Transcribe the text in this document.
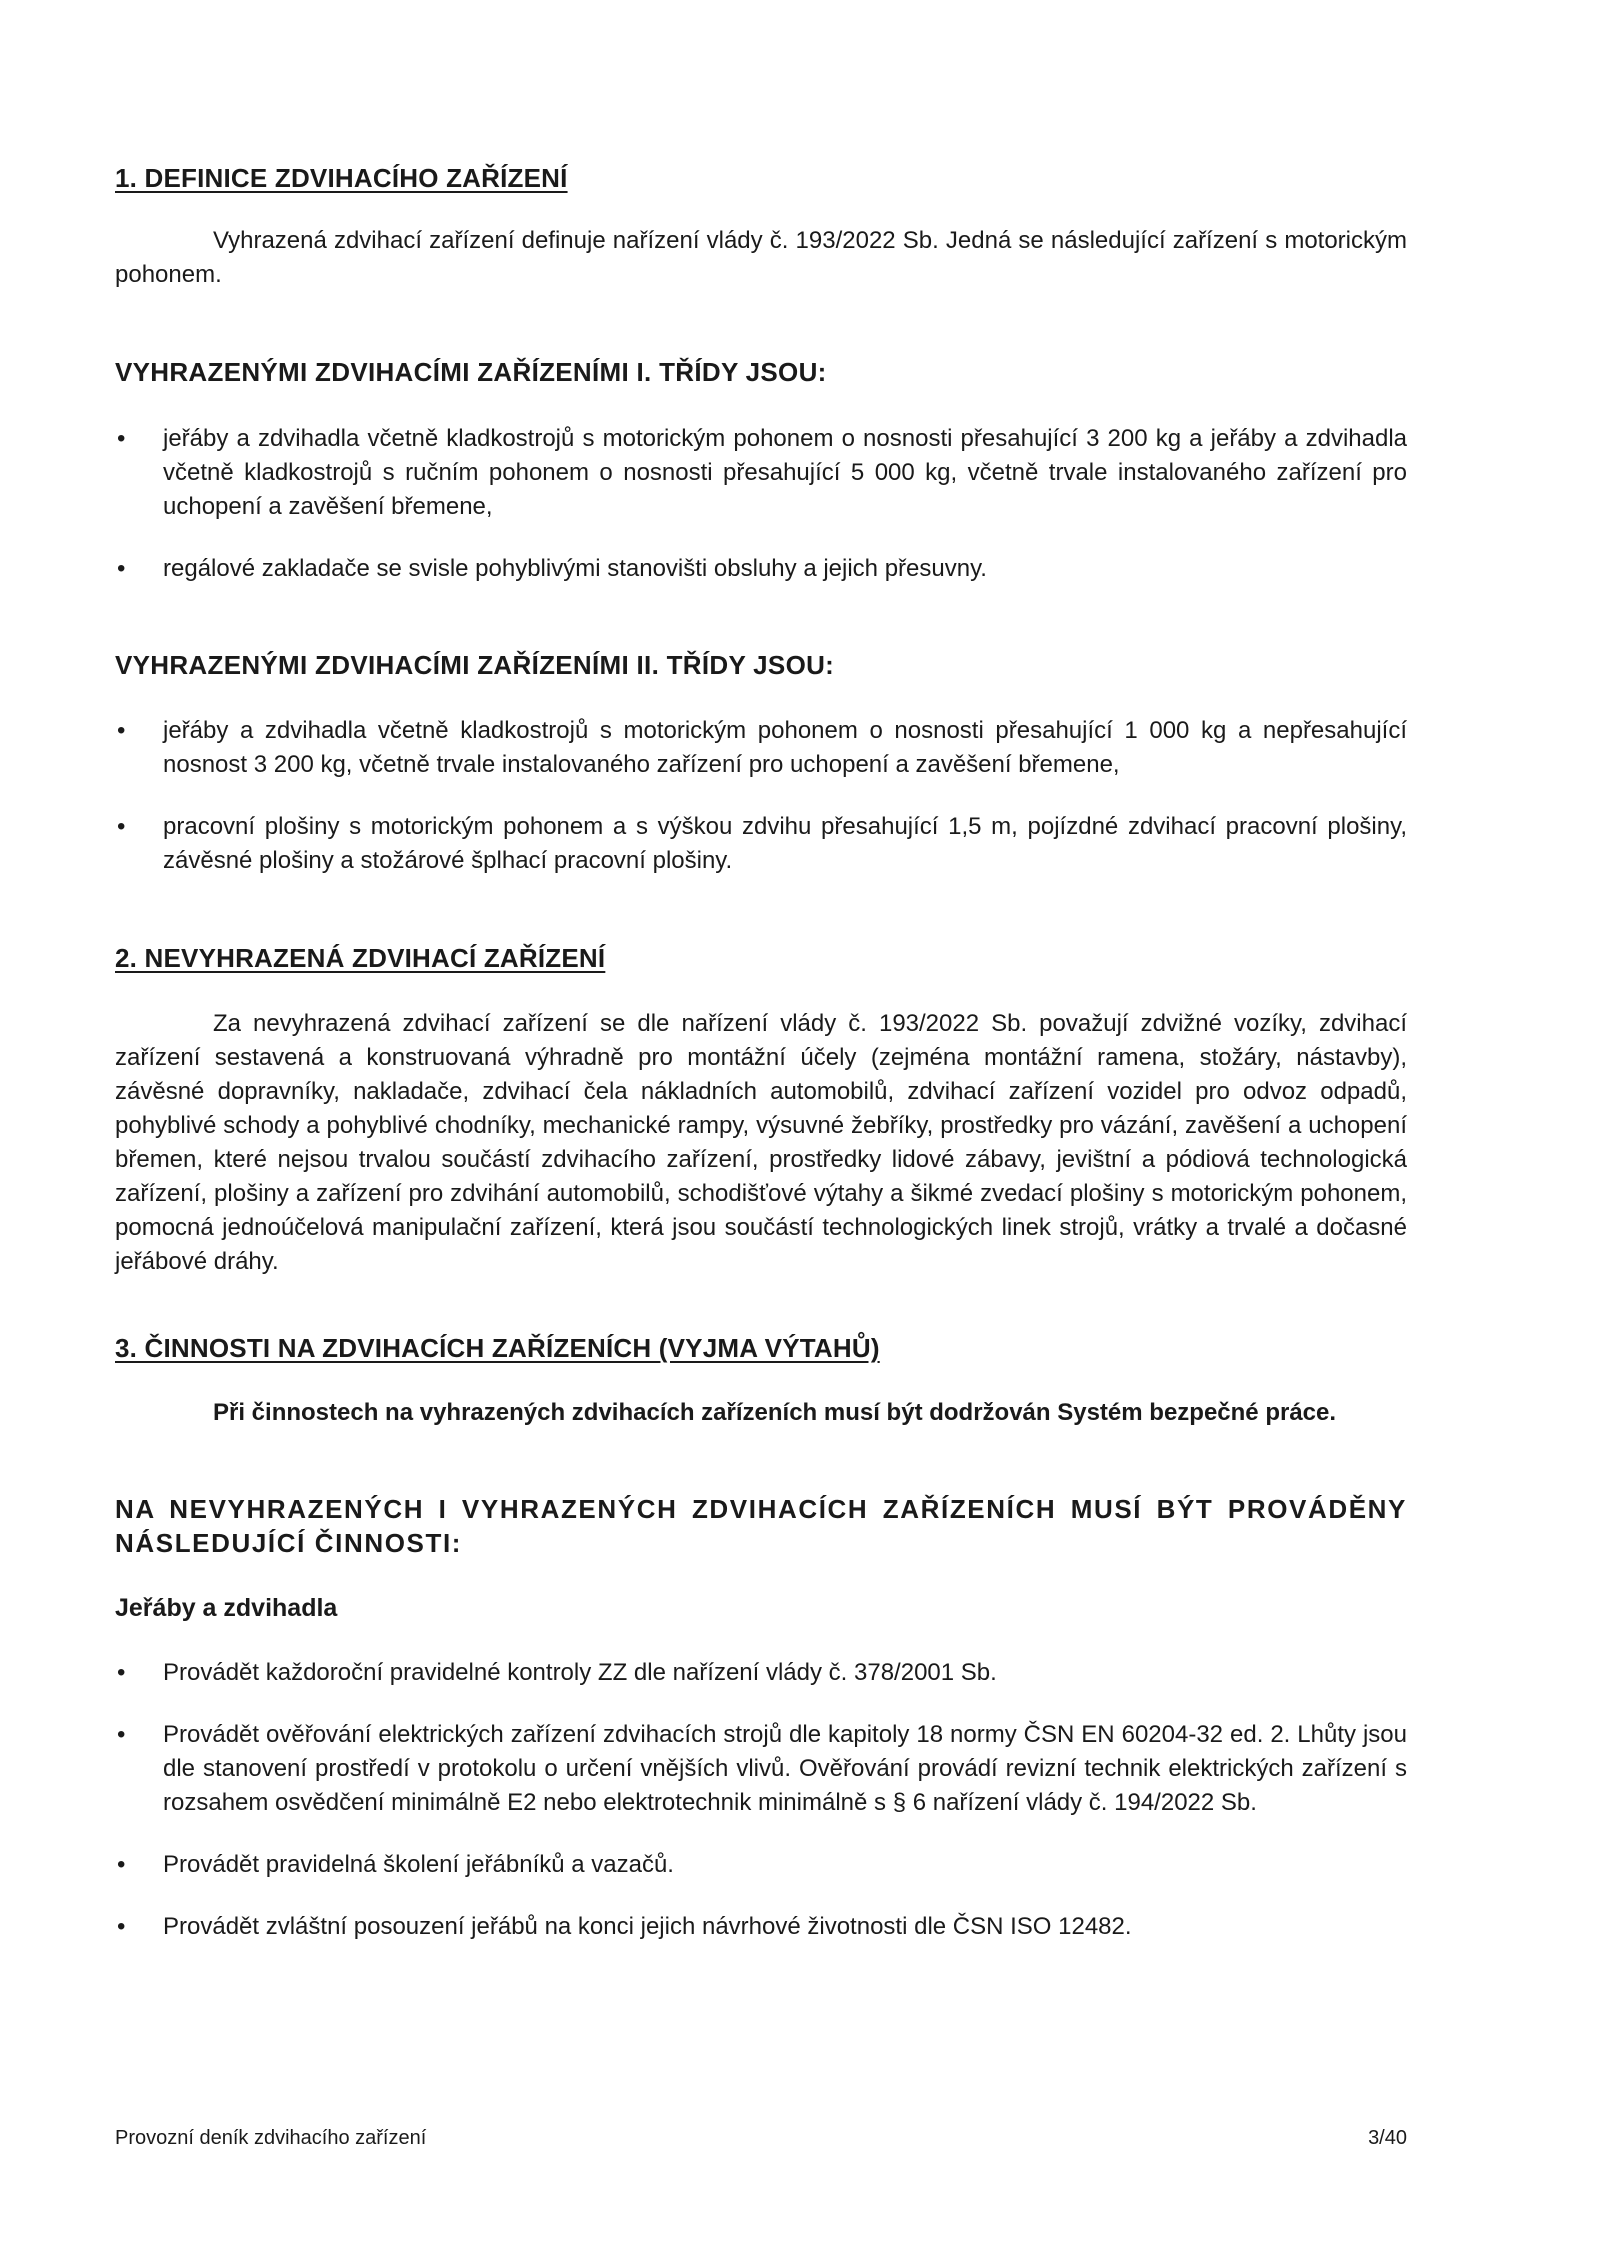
1. DEFINICE ZDVIHACÍHO ZAŘÍZENÍ

Vyhrazená zdvihací zařízení definuje nařízení vlády č. 193/2022 Sb. Jedná se následující zařízení s motorickým pohonem.

VYHRAZENÝMI ZDVIHACÍMI ZAŘÍZENÍMI I. TŘÍDY JSOU:
• jeřáby a zdvihadla včetně kladkostrojů s motorickým pohonem o nosnosti přesahující 3 200 kg a jeřáby a zdvihadla včetně kladkostrojů s ručním pohonem o nosnosti přesahující 5 000 kg, včetně trvale instalovaného zařízení pro uchopení a zavěšení břemene,
• regálové zakladače se svisle pohyblivými stanovišti obsluhy a jejich přesuvny.
VYHRAZENÝMI ZDVIHACÍMI ZAŘÍZENÍMI II. TŘÍDY JSOU:
• jeřáby a zdvihadla včetně kladkostrojů s motorickým pohonem o nosnosti přesahující 1 000 kg a nepřesahující nosnost 3 200 kg, včetně trvale instalovaného zařízení pro uchopení a zavěšení břemene,
• pracovní plošiny s motorickým pohonem a s výškou zdvihu přesahující 1,5 m, pojízdné zdvihací pracovní plošiny, závěsné plošiny a stožárové šplhací pracovní plošiny.
2. NEVYHRAZENÁ ZDVIHACÍ ZAŘÍZENÍ

Za nevyhrazená zdvihací zařízení se dle nařízení vlády č. 193/2022 Sb. považují zdvižné vozíky, zdvihací zařízení sestavená a konstruovaná výhradně pro montážní účely (zejména montážní ramena, stožáry, nástavby), závěsné dopravníky, nakladače, zdvihací čela nákladních automobilů, zdvihací zařízení vozidel pro odvoz odpadů, pohyblivé schody a pohyblivé chodníky, mechanické rampy, výsuvné žebříky, prostředky pro vázání, zavěšení a uchopení břemen, které nejsou trvalou součástí zdvihacího zařízení, prostředky lidové zábavy, jevištní a pódiová technologická zařízení, plošiny a zařízení pro zdvihání automobilů, schodišťové výtahy a šikmé zvedací plošiny s motorickým pohonem, pomocná jednoúčelová manipulační zařízení, která jsou součástí technologických linek strojů, vrátky a trvalé a dočasné jeřábové dráhy.

3. ČINNOSTI NA ZDVIHACÍCH ZAŘÍZENÍCH (VYJMA VÝTAHŮ)

Při činnostech na vyhrazených zdvihacích zařízeních musí být dodržován Systém bezpečné práce.

NA NEVYHRAZENÝCH I VYHRAZENÝCH ZDVIHACÍCH ZAŘÍZENÍCH MUSÍ BÝT PROVÁDĚNY NÁSLEDUJÍCÍ ČINNOSTI:
Jeřáby a zdvihadla
• Provádět každoroční pravidelné kontroly ZZ dle nařízení vlády č. 378/2001 Sb.
• Provádět ověřování elektrických zařízení zdvihacích strojů dle kapitoly 18 normy ČSN EN 60204-32 ed. 2. Lhůty jsou dle stanovení prostředí v protokolu o určení vnějších vlivů. Ověřování provádí revizní technik elektrických zařízení s rozsahem osvědčení minimálně E2 nebo elektrotechnik minimálně s § 6 nařízení vlády č. 194/2022 Sb.
• Provádět pravidelná školení jeřábníků a vazačů.
• Provádět zvláštní posouzení jeřábů na konci jejich návrhové životnosti dle ČSN ISO 12482.
Provozní deník zdvihacího zařízení	3/40
